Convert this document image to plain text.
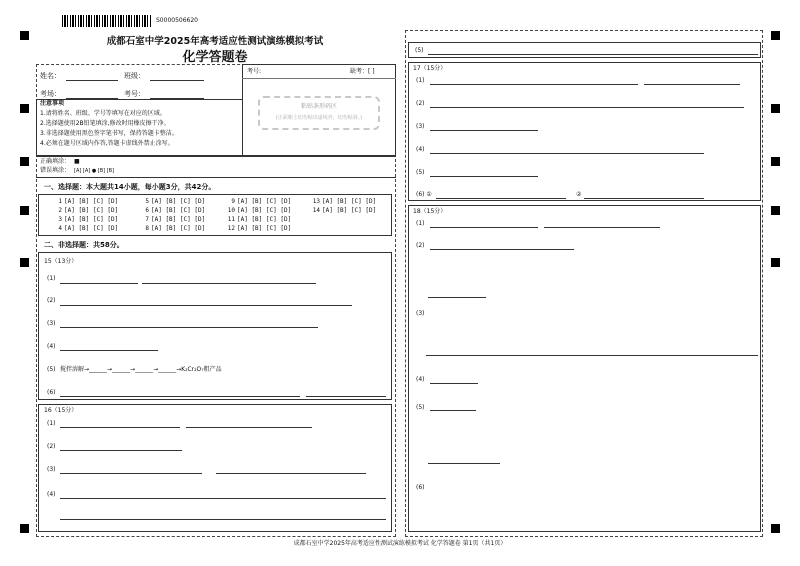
S0000506620
成都石室中学2025年高考适应性测试演练模拟考试
化学答题卷
姓名：	班级：
考场：	考号：
考号:	缺考：[ ]
粘贴条形码区
(正面朝上切勿贴出虚线外，切勿贴斜。)
注意事项
1.请将姓名、班级、学号等填写在对应的区域。
2.选择题使用2B铅笔填涂,修改时用橡皮擦干净。
3.非选择题使用黑色签字笔书写，保持答题卡整洁。
4.必须在题号区域内作答,答题卡虚线外禁止涂写。
正确填涂： ■
错误填涂： [A] [A] ● [B] [B]
一、选择题：本大题共14小题，每小题3分，共42分。
1 [A] [B] [C] [D]
2 [A] [B] [C] [D]
3 [A] [B] [C] [D]
4 [A] [B] [C] [D]
5 [A] [B] [C] [D]
6 [A] [B] [C] [D]
7 [A] [B] [C] [D]
8 [A] [B] [C] [D]
9 [A] [B] [C] [D]
10 [A] [B] [C] [D]
11 [A] [B] [C] [D]
12 [A] [B] [C] [D]
13 [A] [B] [C] [D]
14 [A] [B] [C] [D]
二、非选择题：共58分。
15（13分）
(1)
(2)
(3)
(4)
(5) 搅拌溶解→______→______→______→______→K₂Cr₂O₇粗产品
(6)
16（15分）
(1)
(2)
(3)
(4)
(5)
17（15分）
(1)
(2)
(3)
(4)
(5)
(6) ①	②
18（15分）
(1)
(2)
(3)
(4)
(5)
(6)
成都石室中学2025年高考适应性测试演练模拟考试 化学答题卷 第1页（共1页）
